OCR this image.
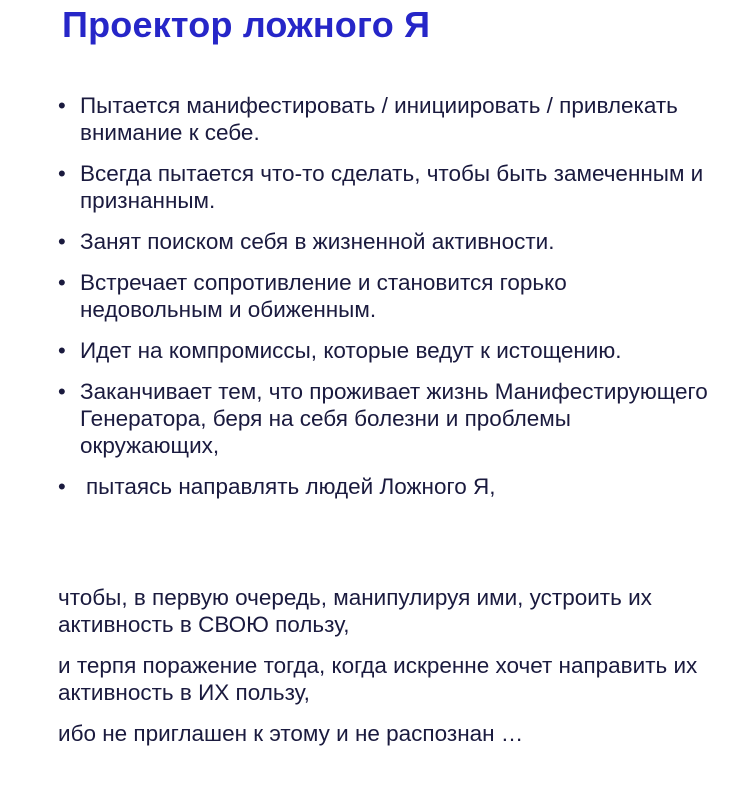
Проектор ложного Я
• Пытается манифестировать / инициировать / привлекать внимание к себе.
• Всегда пытается что-то сделать, чтобы быть замеченным и признанным.
• Занят поиском себя в жизненной активности.
• Встречает сопротивление и становится горько недовольным и обиженным.
• Идет на компромиссы, которые ведут к истощению.
• Заканчивает тем, что проживает жизнь Манифестирующего Генератора, беря на себя болезни и проблемы окружающих,
• пытаясь направлять людей Ложного Я,

чтобы, в первую очередь, манипулируя ими, устроить их активность в СВОЮ пользу,

и терпя поражение тогда, когда искренне хочет направить их активность в ИХ пользу,

ибо не приглашен к этому и не распознан …
